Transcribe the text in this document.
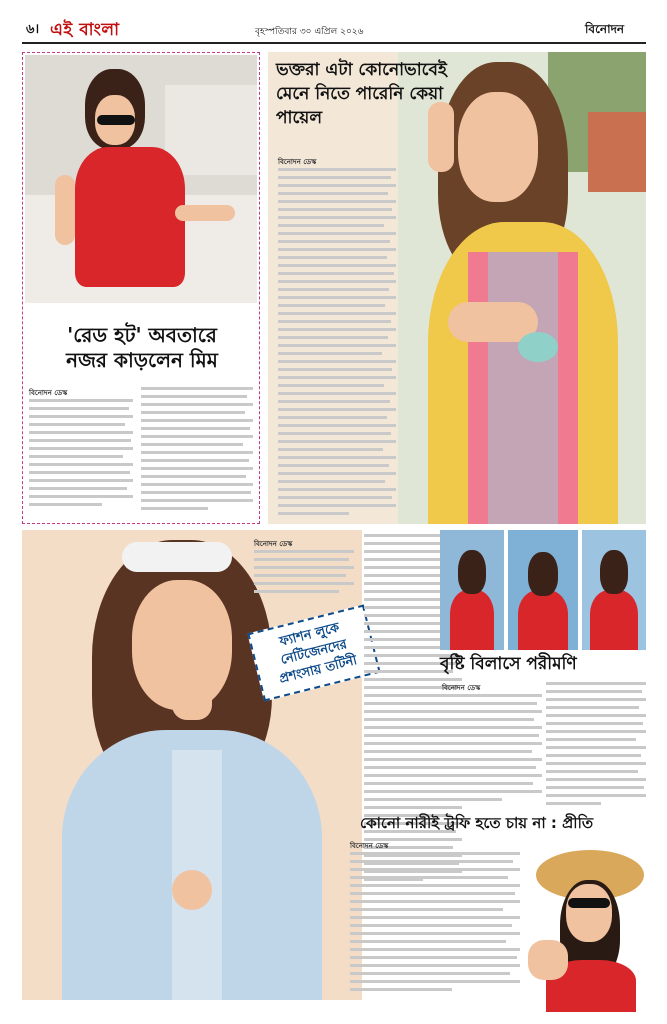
৬। এই বাংলা	বৃহস্পতিবার ৩০ এপ্রিল ২০২৬	বিনোদন
'রেড হট' অবতারে
নজর কাড়লেন মিম
বিনোদন ডেস্ক
ভক্তরা এটা কোনোভাবেই মেনে নিতে পারেনি কেয়া পায়েল
বিনোদন ডেস্ক
ফ্যাশন লুকে নেটিজেনদের প্রশংসায় তটিনী
বিনোদন ডেস্ক
বৃষ্টি বিলাসে পরীমণি
বিনোদন ডেস্ক
কোনো নারীই ট্রফি হতে চায় না : প্রীতি
বিনোদন ডেস্ক
